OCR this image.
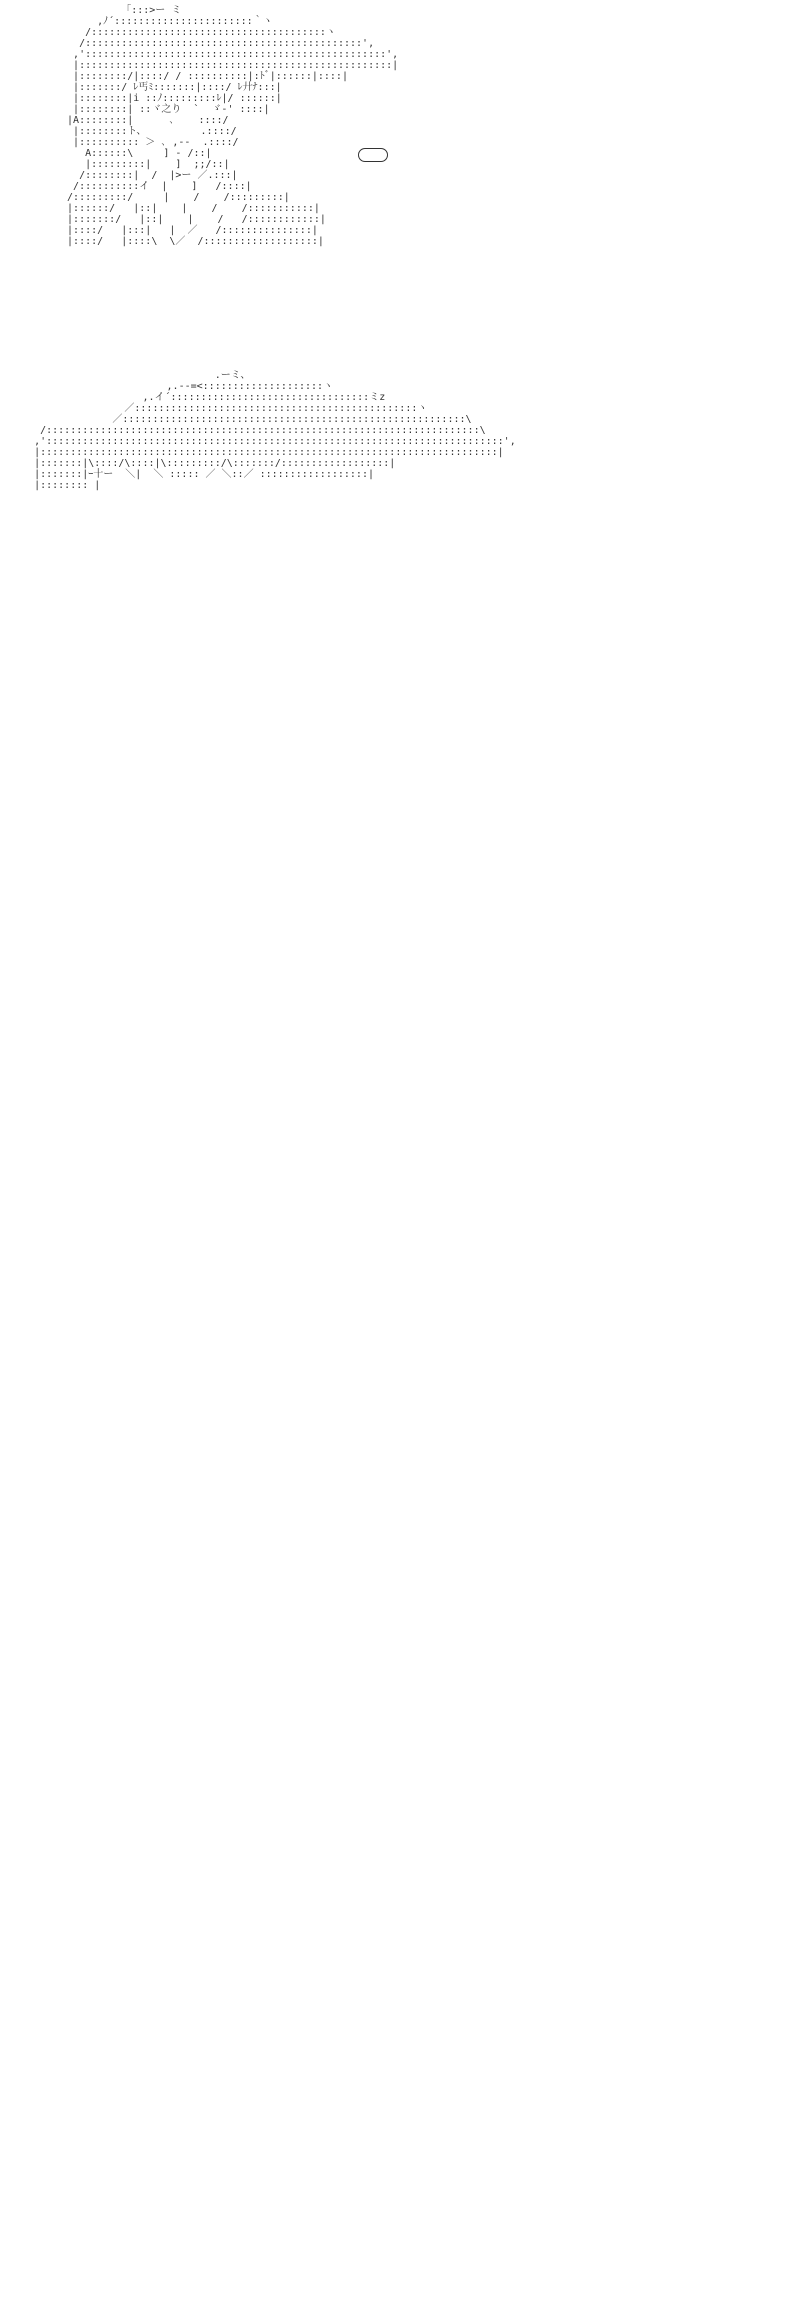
「:::>ー ミ
,ﾉ´:::::::::::::::::::::::｀ヽ
/:::::::::::::::::::::::::::::::::::::::ヽ
/::::::::::::::::::::::::::::::::::::::::::::::',
,'::::::::::::::::::::::::::::::::::::::::::::::::::',
|::::::::::::::::::::::::::::::::::::::::::::::::::::|
|::::::::/|::::/ / ::::::::::|:ﾄﾞ|::::::|::::|
|:::::::/ ﾚ丐ﾐ:::::::|::::/ ﾚ廾ﾅ:::|
|::::::::|i ::ﾉ:::::::::ﾚ|/ ::::::|
|::::::::| ::ヾ之り  `  ゞ-' ::::|
|A::::::::|      ､    ::::/
|::::::::ト、         .::::/
|:::::::::: ＞ ､ ,--  .::::/
A::::::\     ] - /::|
|:::::::::|    ]  ;;/::|
/::::::::|  /  |>ー ／.:::|
/::::::::::イ  |    ]   /::::|
/:::::::::/     |    /    /:::::::::|
|::::::/   |::|    |    /    /:::::::::::|
|:::::::/   |::|    |    /   /::::::::::::|
|::::/   |:::|   |  ／   /:::::::::::::::|
|::::/   |::::\  \／  /:::::::::::::::::::|

.ーミ、
,.--=<::::::::::::::::::::ヽ
,.イ´:::::::::::::::::::::::::::::::::ミz
／:::::::::::::::::::::::::::::::::::::::::::::::ヽ
／:::::::::::::::::::::::::::::::::::::::::::::::::::::::::\
/::::::::::::::::::::::::::::::::::::::::::::::::::::::::::::::::::::::::\
,'::::::::::::::::::::::::::::::::::::::::::::::::::::::::::::::::::::::::::::',
|::::::::::::::::::::::::::::::::::::::::::::::::::::::::::::::::::::::::::::|
|:::::::|\::::/\::::|\:::::::::/\:::::::/::::::::::::::::::|
|:::::::|ｰ十ー  ＼|  ＼ ::::: ／ ＼::／ ::::::::::::::::::|
|:::::::: |
